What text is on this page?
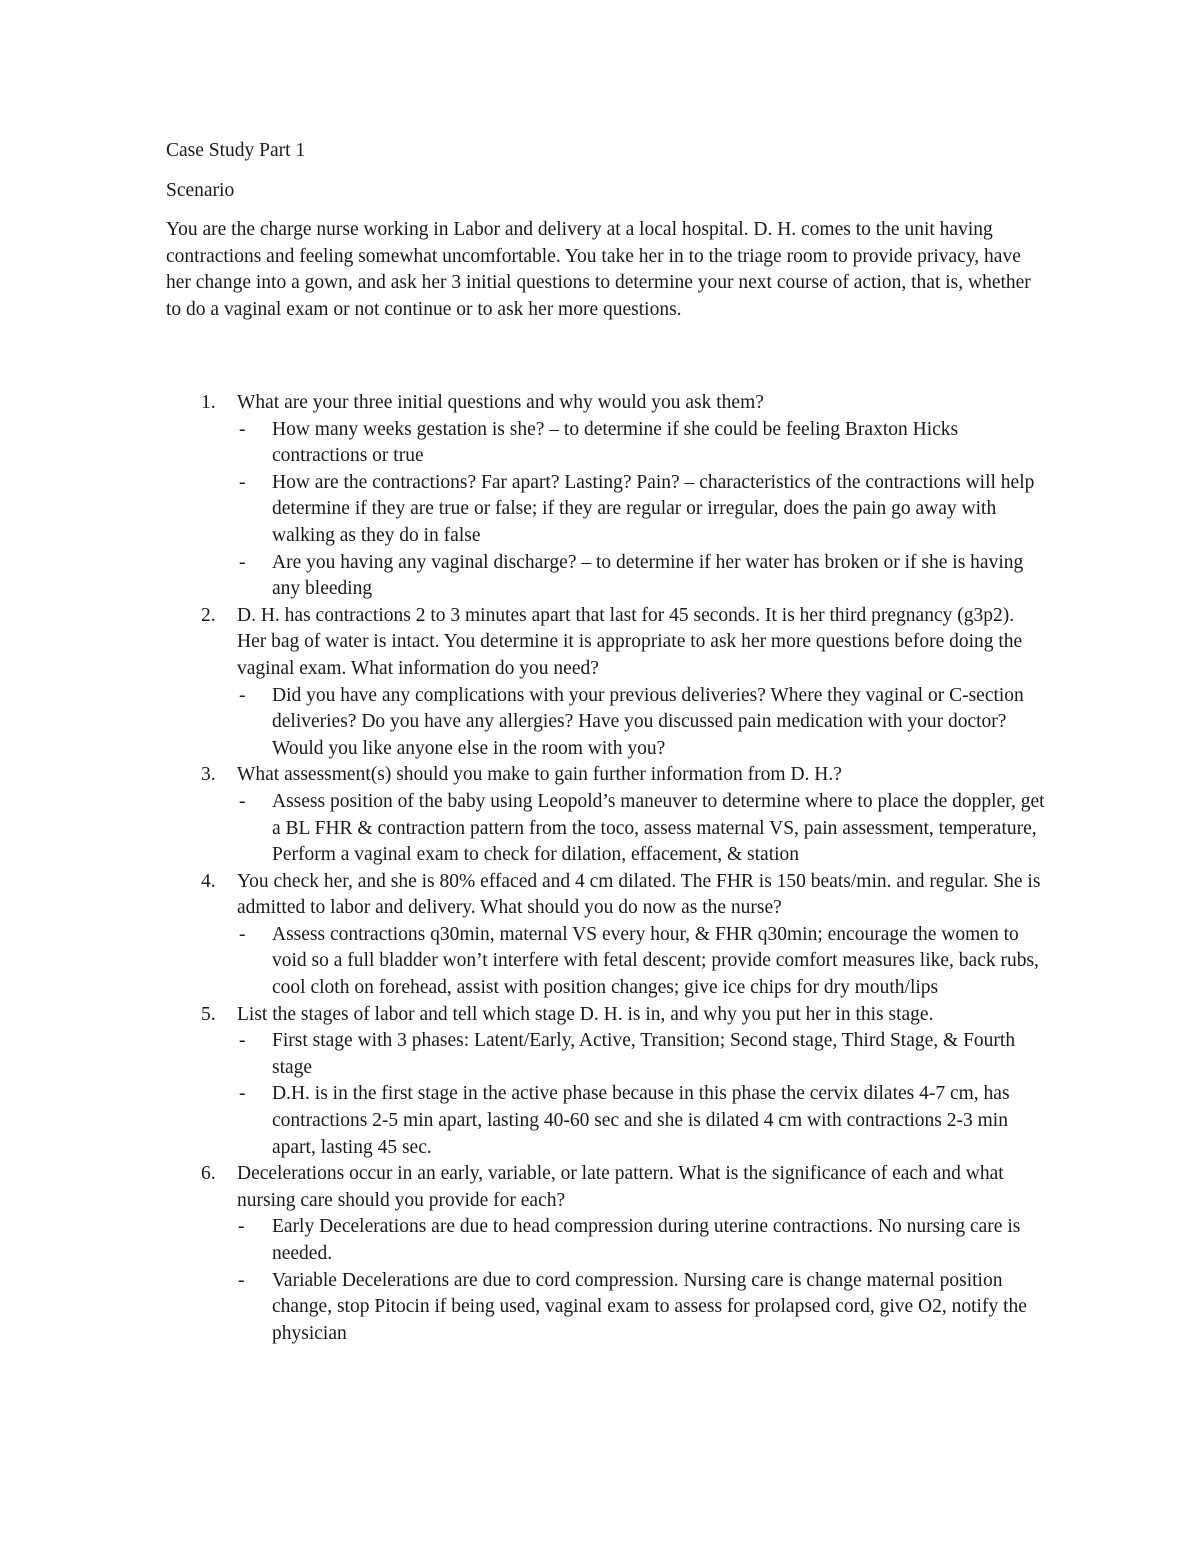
Case Study Part 1

Scenario

You are the charge nurse working in Labor and delivery at a local hospital. D. H. comes to the unit having contractions and feeling somewhat uncomfortable. You take her in to the triage room to provide privacy, have her change into a gown, and ask her 3 initial questions to determine your next course of action, that is, whether to do a vaginal exam or not continue or to ask her more questions.

1. What are your three initial questions and why would you ask them?
- How many weeks gestation is she? – to determine if she could be feeling Braxton Hicks contractions or true
- How are the contractions? Far apart? Lasting? Pain? – characteristics of the contractions will help determine if they are true or false; if they are regular or irregular, does the pain go away with walking as they do in false
- Are you having any vaginal discharge? – to determine if her water has broken or if she is having any bleeding
2. D. H. has contractions 2 to 3 minutes apart that last for 45 seconds. It is her third pregnancy (g3p2). Her bag of water is intact. You determine it is appropriate to ask her more questions before doing the vaginal exam. What information do you need?
- Did you have any complications with your previous deliveries? Where they vaginal or C-section deliveries? Do you have any allergies? Have you discussed pain medication with your doctor? Would you like anyone else in the room with you?
3. What assessment(s) should you make to gain further information from D. H.?
- Assess position of the baby using Leopold’s maneuver to determine where to place the doppler, get a BL FHR & contraction pattern from the toco, assess maternal VS, pain assessment, temperature, Perform a vaginal exam to check for dilation, effacement, & station
4. You check her, and she is 80% effaced and 4 cm dilated. The FHR is 150 beats/min. and regular. She is admitted to labor and delivery. What should you do now as the nurse?
- Assess contractions q30min, maternal VS every hour, & FHR q30min; encourage the women to void so a full bladder won’t interfere with fetal descent; provide comfort measures like, back rubs, cool cloth on forehead, assist with position changes; give ice chips for dry mouth/lips
5. List the stages of labor and tell which stage D. H. is in, and why you put her in this stage.
- First stage with 3 phases: Latent/Early, Active, Transition; Second stage, Third Stage, & Fourth stage
- D.H. is in the first stage in the active phase because in this phase the cervix dilates 4-7 cm, has contractions 2-5 min apart, lasting 40-60 sec and she is dilated 4 cm with contractions 2-3 min apart, lasting 45 sec.
6. Decelerations occur in an early, variable, or late pattern. What is the significance of each and what nursing care should you provide for each?
- Early Decelerations are due to head compression during uterine contractions. No nursing care is needed.
- Variable Decelerations are due to cord compression. Nursing care is change maternal position change, stop Pitocin if being used, vaginal exam to assess for prolapsed cord, give O2, notify the physician
